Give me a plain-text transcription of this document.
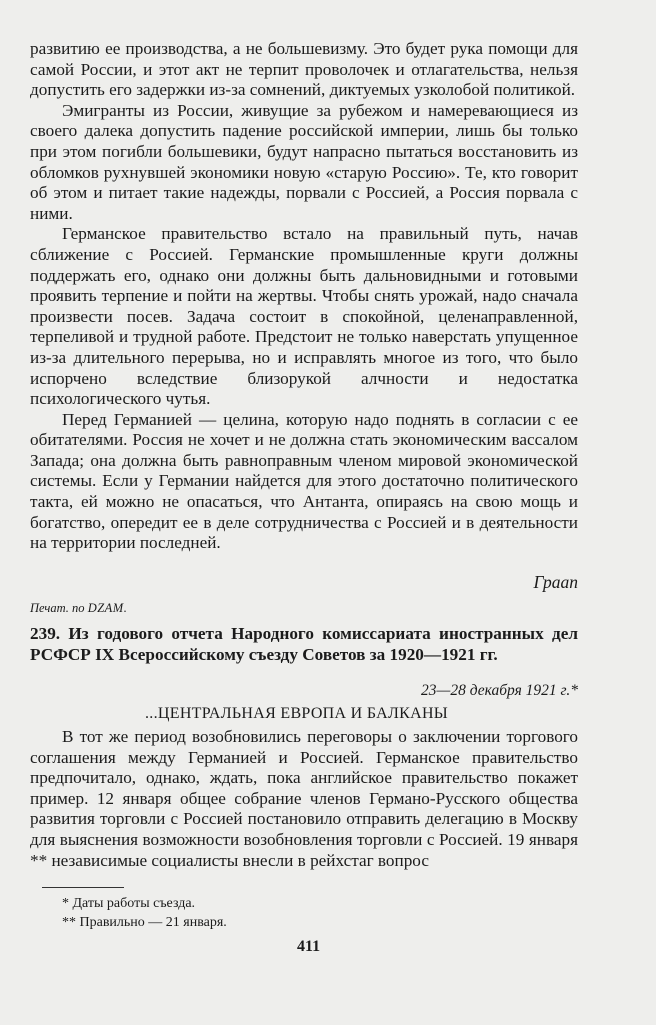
развитию ее производства, а не большевизму. Это будет рука помощи для самой России, и этот акт не терпит проволочек и отлагательства, нельзя допустить его задержки из-за сомнений, диктуемых узколобой политикой.

Эмигранты из России, живущие за рубежом и намеревающиеся из своего далека допустить падение российской империи, лишь бы только при этом погибли большевики, будут напрасно пытаться восстановить из обломков рухнувшей экономики новую «старую Россию». Те, кто говорит об этом и питает такие надежды, порвали с Россией, а Россия порвала с ними.

Германское правительство встало на правильный путь, начав сближение с Россией. Германские промышленные круги должны поддержать его, однако они должны быть дальновидными и готовыми проявить терпение и пойти на жертвы. Чтобы снять урожай, надо сначала произвести посев. Задача состоит в спокойной, целенаправленной, терпеливой и трудной работе. Предстоит не только наверстать упущенное из-за длительного перерыва, но и исправлять многое из того, что было испорчено вследствие близорукой алчности и недостатка психологического чутья.

Перед Германией — целина, которую надо поднять в согласии с ее обитателями. Россия не хочет и не должна стать экономическим вассалом Запада; она должна быть равноправным членом мировой экономической системы. Если у Германии найдется для этого достаточно политического такта, ей можно не опасаться, что Антанта, опираясь на свою мощь и богатство, опередит ее в деле сотрудничества с Россией и в деятельности на территории последней.

Граап
Печат. по DZAM.
239. Из годового отчета Народного комиссариата иностранных дел РСФСР IX Всероссийскому съезду Советов за 1920—1921 гг.
23—28 декабря 1921 г.*
...ЦЕНТРАЛЬНАЯ ЕВРОПА И БАЛКАНЫ

В тот же период возобновились переговоры о заключении торгового соглашения между Германией и Россией. Германское правительство предпочитало, однако, ждать, пока английское правительство покажет пример. 12 января общее собрание членов Германо-Русского общества развития торговли с Россией постановило отправить делегацию в Москву для выяснения возможности возобновления торговли с Россией. 19 января ** независимые социалисты внесли в рейхстаг вопрос

* Даты работы съезда.
** Правильно — 21 января.
411
